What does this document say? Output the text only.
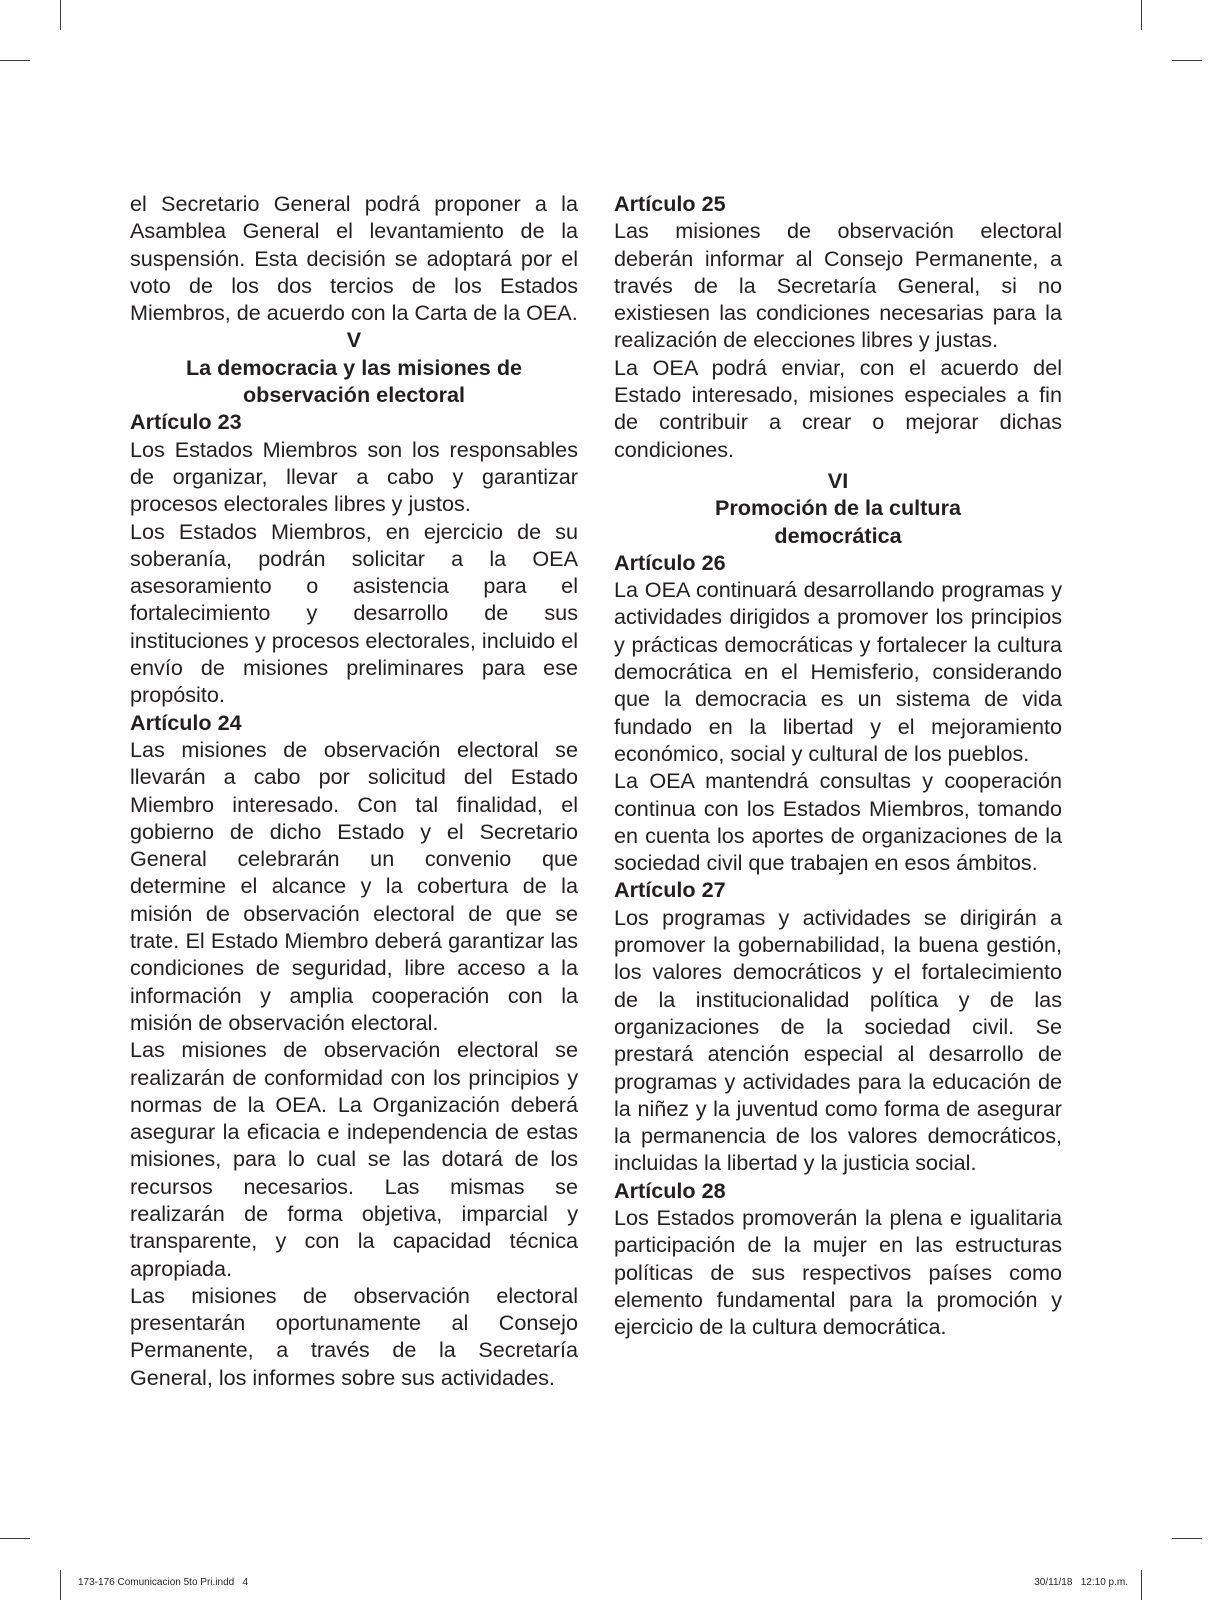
el Secretario General podrá proponer a la Asamblea General el levantamiento de la suspensión. Esta decisión se adoptará por el voto de los dos tercios de los Estados Miembros, de acuerdo con la Carta de la OEA.

V
La democracia y las misiones de
observación electoral
Artículo 23

Los Estados Miembros son los responsables de organizar, llevar a cabo y garantizar procesos electorales libres y justos.

Los Estados Miembros, en ejercicio de su soberanía, podrán solicitar a la OEA asesoramiento o asistencia para el fortalecimiento y desarrollo de sus instituciones y procesos electorales, incluido el envío de misiones preliminares para ese propósito.

Artículo 24

Las misiones de observación electoral se llevarán a cabo por solicitud del Estado Miembro interesado. Con tal finalidad, el gobierno de dicho Estado y el Secretario General celebrarán un convenio que determine el alcance y la cobertura de la misión de observación electoral de que se trate. El Estado Miembro deberá garantizar las condiciones de seguridad, libre acceso a la información y amplia cooperación con la misión de observación electoral.

Las misiones de observación electoral se realizarán de conformidad con los principios y normas de la OEA. La Organización deberá asegurar la eficacia e independencia de estas misiones, para lo cual se las dotará de los recursos necesarios. Las mismas se realizarán de forma objetiva, imparcial y transparente, y con la capacidad técnica apropiada.

Las misiones de observación electoral presentarán oportunamente al Consejo Permanente, a través de la Secretaría General, los informes sobre sus actividades.

Artículo 25

Las misiones de observación electoral deberán informar al Consejo Permanente, a través de la Secretaría General, si no existiesen las condiciones necesarias para la realización de elecciones libres y justas.

La OEA podrá enviar, con el acuerdo del Estado interesado, misiones especiales a fin de contribuir a crear o mejorar dichas condiciones.

VI
Promoción de la cultura
democrática
Artículo 26

La OEA continuará desarrollando programas y actividades dirigidos a promover los principios y prácticas democráticas y fortalecer la cultura democrática en el Hemisferio, considerando que la democracia es un sistema de vida fundado en la libertad y el mejoramiento económico, social y cultural de los pueblos.

La OEA mantendrá consultas y cooperación continua con los Estados Miembros, tomando en cuenta los aportes de organizaciones de la sociedad civil que trabajen en esos ámbitos.

Artículo 27

Los programas y actividades se dirigirán a promover la gobernabilidad, la buena gestión, los valores democráticos y el fortalecimiento de la institucionalidad política y de las organizaciones de la sociedad civil. Se prestará atención especial al desarrollo de programas y actividades para la educación de la niñez y la juventud como forma de asegurar la permanencia de los valores democráticos, incluidas la libertad y la justicia social.

Artículo 28

Los Estados promoverán la plena e igualitaria participación de la mujer en las estructuras políticas de sus respectivos países como elemento fundamental para la promoción y ejercicio de la cultura democrática.

173-176 Comunicacion 5to Pri.indd   4	30/11/18   12:10 p.m.
